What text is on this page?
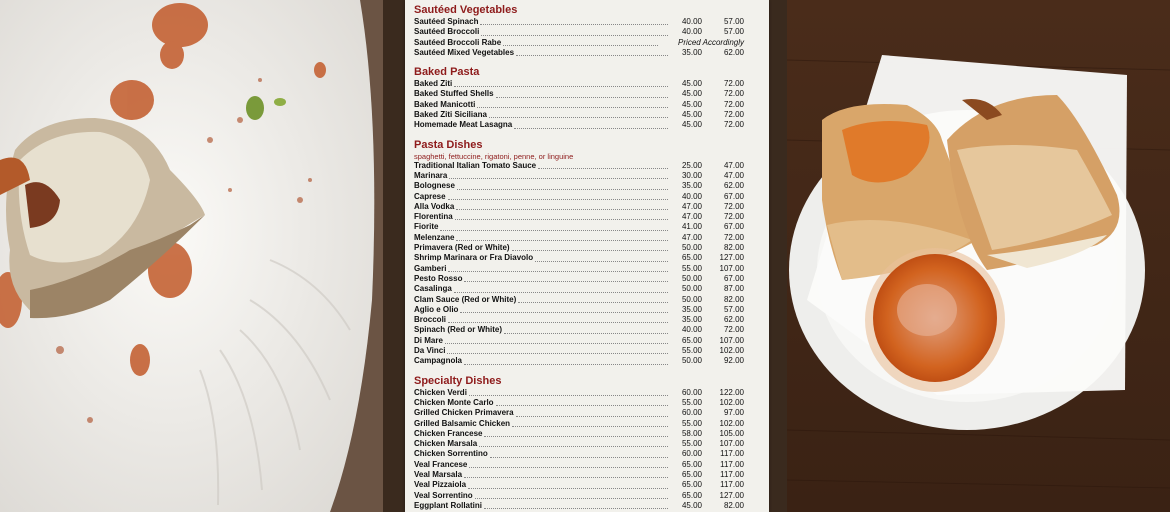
Sautéed Vegetables
Sautéed Spinach	40.00	57.00
Sautéed Broccoli	40.00	57.00
Sautéed Broccoli Rabe	Priced Accordingly
Sautéed Mixed Vegetables	35.00	62.00
Baked Pasta
Baked Ziti	45.00	72.00
Baked Stuffed Shells	45.00	72.00
Baked Manicotti	45.00	72.00
Baked Ziti Siciliana	45.00	72.00
Homemade Meat Lasagna	45.00	72.00
Pasta Dishes
spaghetti, fettuccine, rigatoni, penne, or linguine
Traditional Italian Tomato Sauce	25.00	47.00
Marinara	30.00	47.00
Bolognese	35.00	62.00
Caprese	40.00	67.00
Alla Vodka	47.00	72.00
Florentina	47.00	72.00
Fiorite	41.00	67.00
Melenzane	47.00	72.00
Primavera (Red or White)	50.00	82.00
Shrimp Marinara or Fra Diavolo	65.00	127.00
Gamberi	55.00	107.00
Pesto Rosso	50.00	67.00
Casalinga	50.00	87.00
Clam Sauce (Red or White)	50.00	82.00
Aglio e Olio	35.00	57.00
Broccoli	35.00	62.00
Spinach (Red or White)	40.00	72.00
Di Mare	65.00	107.00
Da Vinci	55.00	102.00
Campagnola	50.00	92.00
Specialty Dishes
Chicken Verdi	60.00	122.00
Chicken Monte Carlo	55.00	102.00
Grilled Chicken Primavera	60.00	97.00
Grilled Balsamic Chicken	55.00	102.00
Chicken Francese	58.00	105.00
Chicken Marsala	55.00	107.00
Chicken Sorrentino	60.00	117.00
Veal Francese	65.00	117.00
Veal Marsala	65.00	117.00
Veal Pizzaiola	65.00	117.00
Veal Sorrentino	65.00	127.00
Eggplant Rollatini	45.00	82.00
